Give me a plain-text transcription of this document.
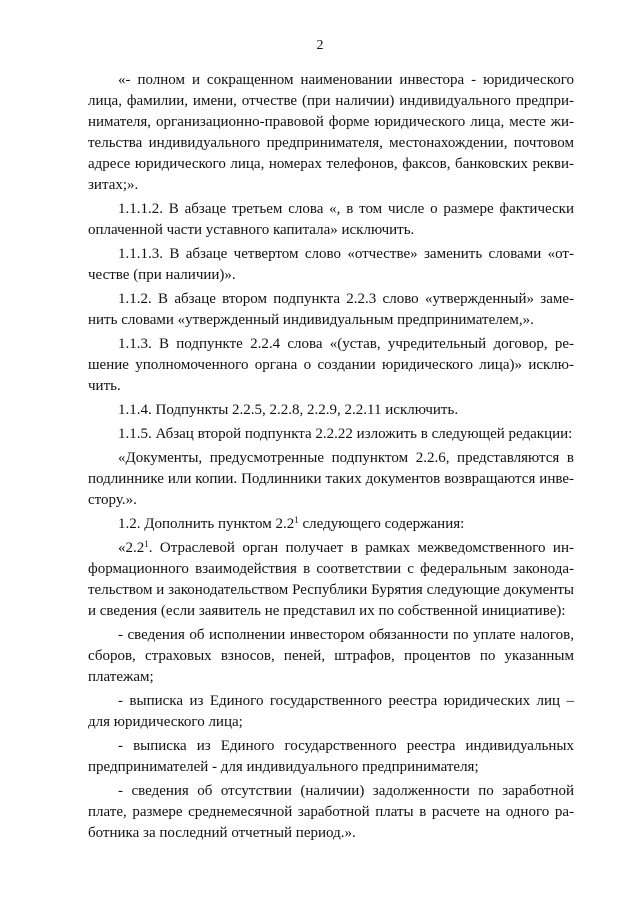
2

«- полном и сокращенном наименовании инвестора - юридического лица, фамилии, имени, отчестве (при наличии) индивидуального предпринимателя, организационно-правовой форме юридического лица, месте жительства индивидуального предпринимателя, местонахождении, почтовом адресе юридического лица, номерах телефонов, факсов, банковских реквизитах;».

1.1.1.2. В абзаце третьем слова «, в том числе о размере фактически оплаченной части уставного капитала» исключить.

1.1.1.3. В абзаце четвертом слово «отчестве» заменить словами «отчестве (при наличии)».

1.1.2. В абзаце втором подпункта 2.2.3 слово «утвержденный» заменить словами «утвержденный индивидуальным предпринимателем,».

1.1.3. В подпункте 2.2.4 слова «(устав, учредительный договор, решение уполномоченного органа о создании юридического лица)» исключить.

1.1.4. Подпункты 2.2.5, 2.2.8, 2.2.9, 2.2.11 исключить.

1.1.5. Абзац второй подпункта 2.2.22 изложить в следующей редакции:

«Документы, предусмотренные подпунктом 2.2.6, представляются в подлиннике или копии. Подлинники таких документов возвращаются инвестору.».

1.2. Дополнить пунктом $2.2^1$ следующего содержания:

«$2.2^1$. Отраслевой орган получает в рамках межведомственного информационного взаимодействия в соответствии с федеральным законодательством и законодательством Республики Бурятия следующие документы и сведения (если заявитель не представил их по собственной инициативе):

- сведения об исполнении инвестором обязанности по уплате налогов, сборов, страховых взносов, пеней, штрафов, процентов по указанным платежам;

- выписка из Единого государственного реестра юридических лиц – для юридического лица;

- выписка из Единого государственного реестра индивидуальных предпринимателей - для индивидуального предпринимателя;

- сведения об отсутствии (наличии) задолженности по заработной плате, размере среднемесячной заработной платы в расчете на одного работника за последний отчетный период.».
